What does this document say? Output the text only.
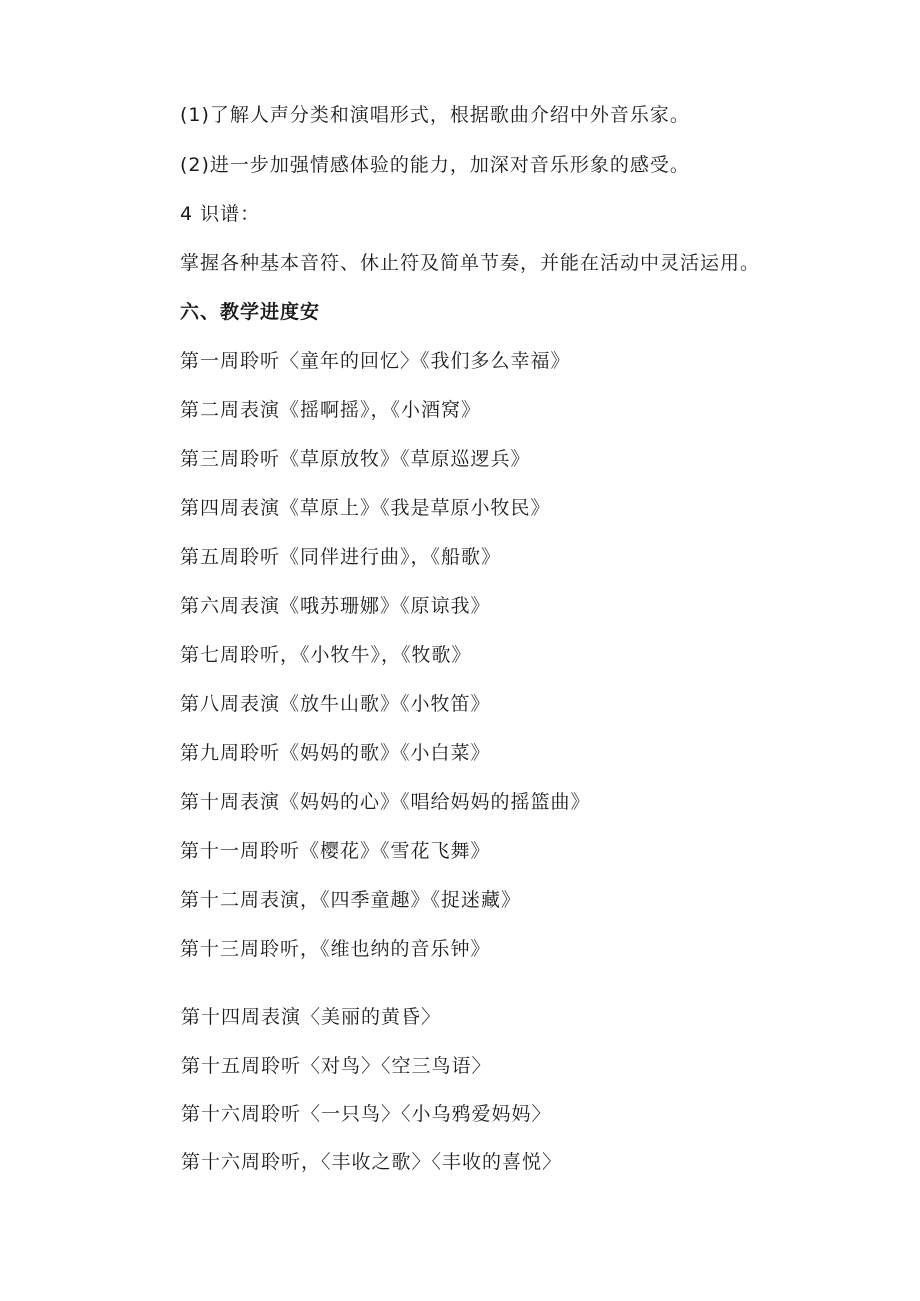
(1)了解人声分类和演唱形式，根据歌曲介绍中外音乐家。
(2)进一步加强情感体验的能力，加深对音乐形象的感受。
4 识谱：
掌握各种基本音符、休止符及简单节奏，并能在活动中灵活运用。
六、教学进度安
第一周聆听〈童年的回忆〉《我们多么幸福》
第二周表演《摇啊摇》，《小酒窝》
第三周聆听《草原放牧》《草原巡逻兵》
第四周表演《草原上》《我是草原小牧民》
第五周聆听《同伴进行曲》，《船歌》
第六周表演《哦苏珊娜》《原谅我》
第七周聆听，《小牧牛》，《牧歌》
第八周表演《放牛山歌》《小牧笛》
第九周聆听《妈妈的歌》《小白菜》
第十周表演《妈妈的心》《唱给妈妈的摇篮曲》
第十一周聆听《樱花》《雪花飞舞》
第十二周表演，《四季童趣》《捉迷藏》
第十三周聆听，《维也纳的音乐钟》
第十四周表演〈美丽的黄昏〉
第十五周聆听〈对鸟〉〈空三鸟语〉
第十六周聆听〈一只鸟〉〈小乌鸦爱妈妈〉
第十六周聆听，〈丰收之歌〉〈丰收的喜悦〉
